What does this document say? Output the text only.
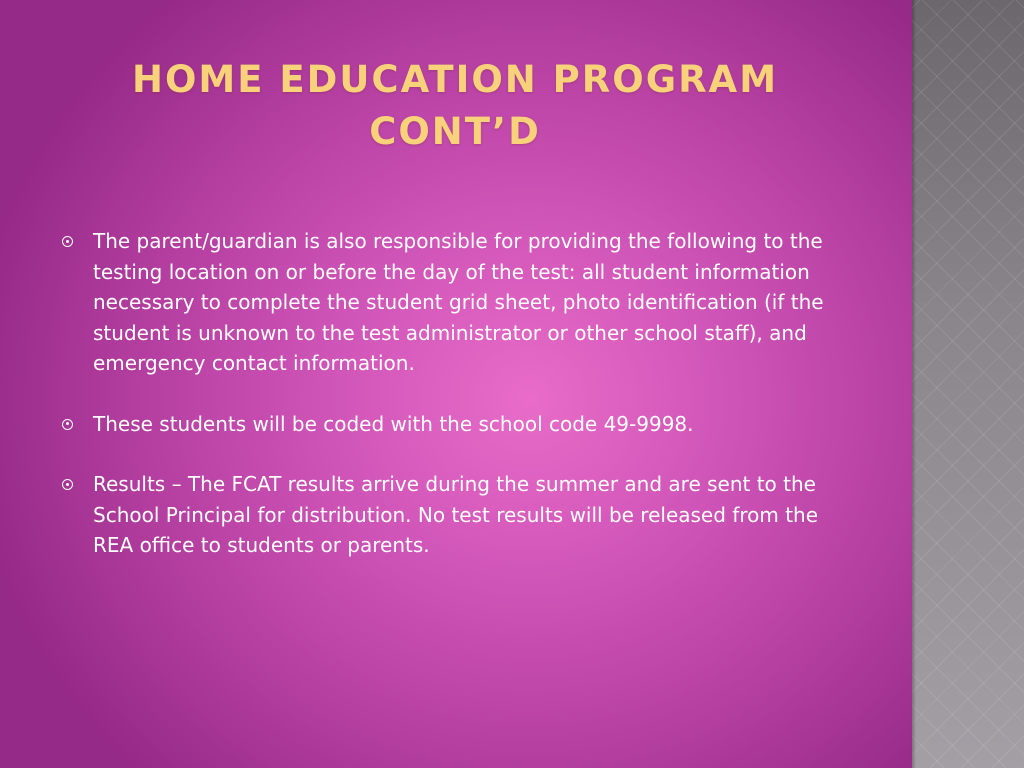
HOME EDUCATION PROGRAM
CONT’D
The parent/guardian is also responsible for providing the following to the testing location on or before the day of the test: all student information necessary to complete the student grid sheet, photo identification (if the student is unknown to the test administrator or other school staff), and emergency contact information.
These students will be coded with the school code 49-9998.
Results – The FCAT results arrive during the summer and are sent to the School Principal for distribution. No test results will be released from the REA office to students or parents.
